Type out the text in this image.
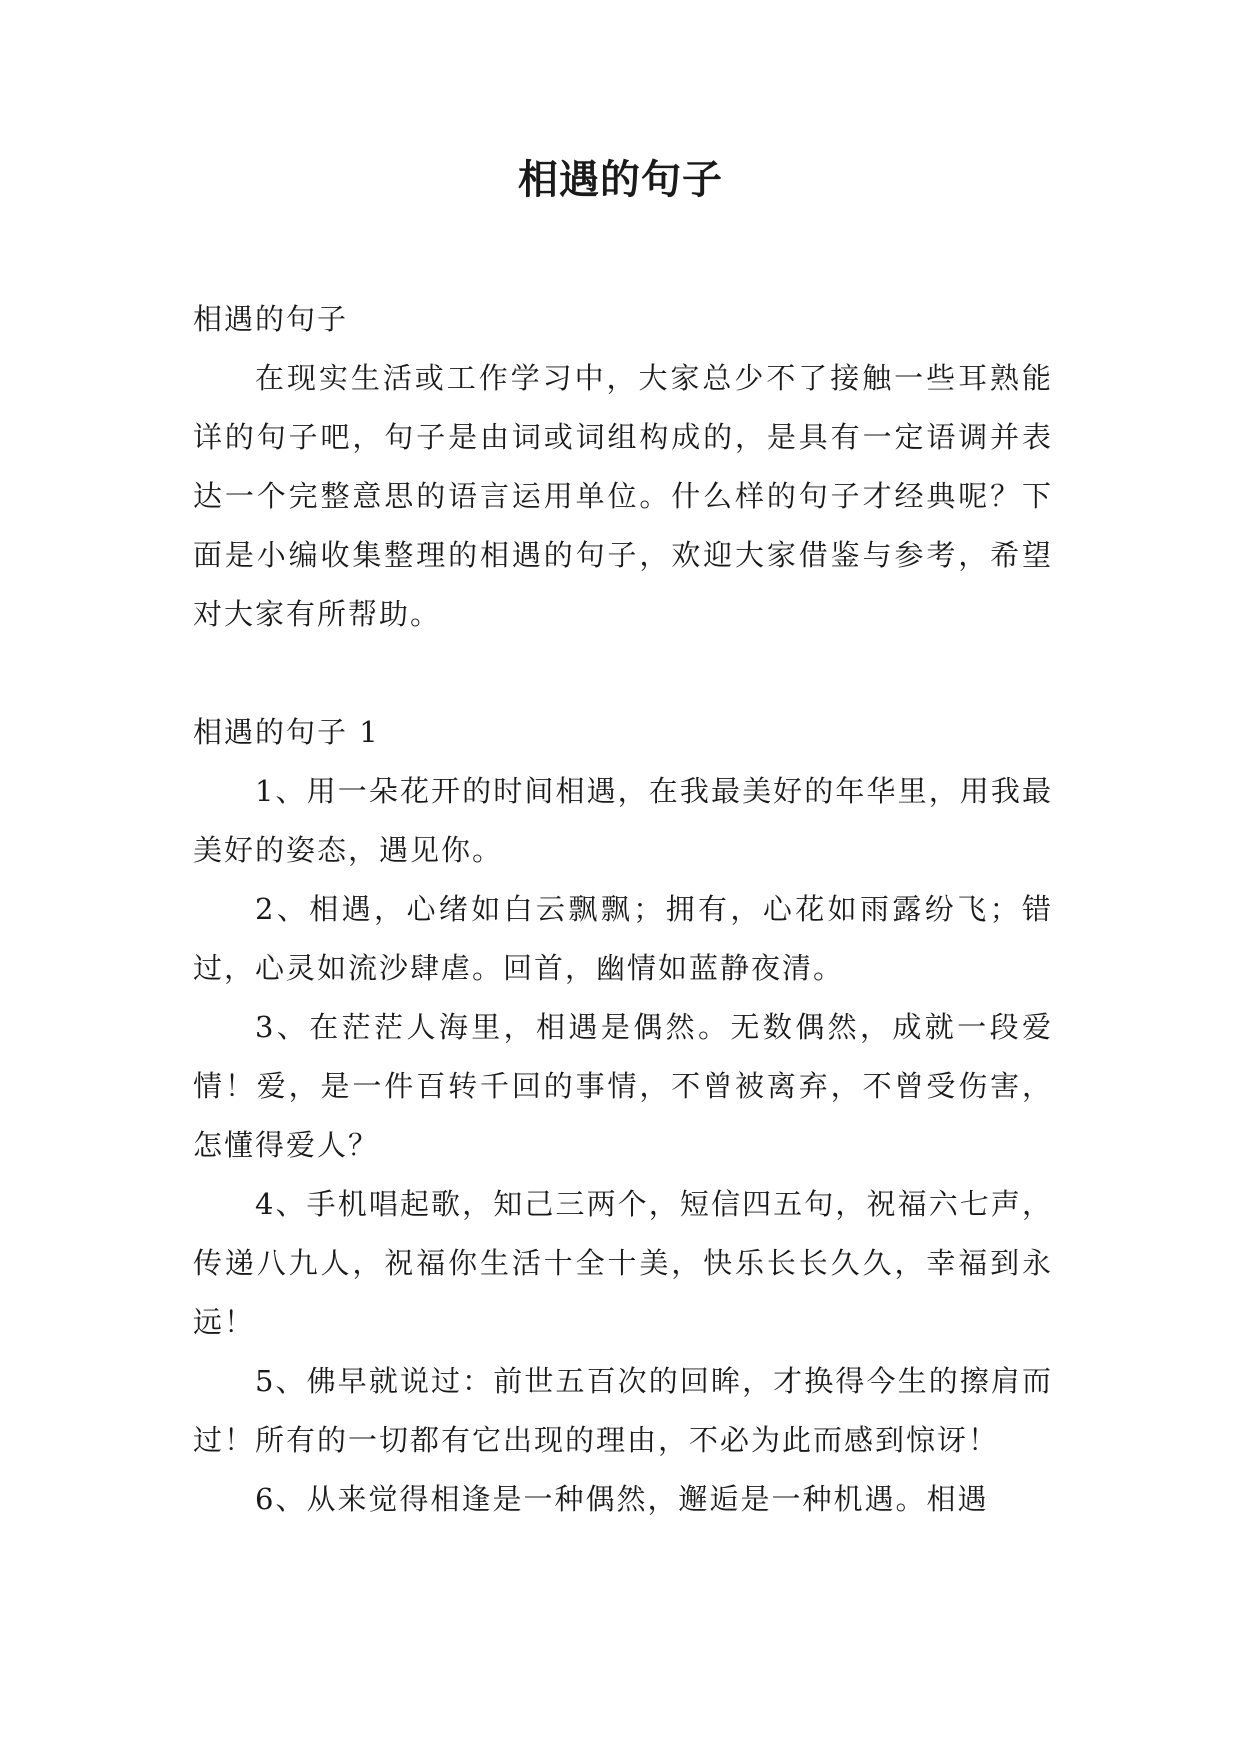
相遇的句子

相遇的句子

在现实生活或工作学习中，大家总少不了接触一些耳熟能详的句子吧，句子是由词或词组构成的，是具有一定语调并表达一个完整意思的语言运用单位。什么样的句子才经典呢？下面是小编收集整理的相遇的句子，欢迎大家借鉴与参考，希望对大家有所帮助。

相遇的句子 1

1、用一朵花开的时间相遇，在我最美好的年华里，用我最美好的姿态，遇见你。

2、相遇，心绪如白云飘飘；拥有，心花如雨露纷飞；错过，心灵如流沙肆虐。回首，幽情如蓝静夜清。

3、在茫茫人海里，相遇是偶然。无数偶然，成就一段爱情！爱，是一件百转千回的事情，不曾被离弃，不曾受伤害，怎懂得爱人？

4、手机唱起歌，知己三两个，短信四五句，祝福六七声，传递八九人，祝福你生活十全十美，快乐长长久久，幸福到永远！

5、佛早就说过：前世五百次的回眸，才换得今生的擦肩而过！所有的一切都有它出现的理由，不必为此而感到惊讶！

6、从来觉得相逢是一种偶然，邂逅是一种机遇。相遇
